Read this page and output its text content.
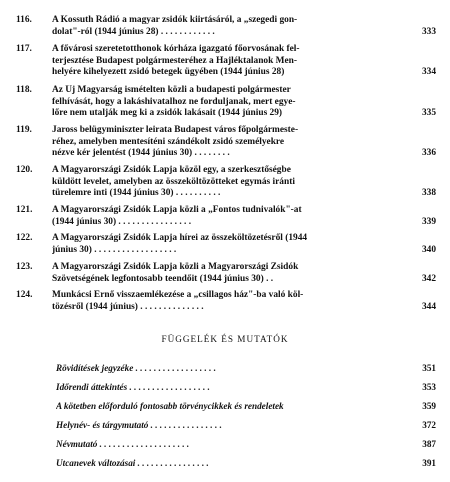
116.	A Kossuth Rádió a magyar zsidók kiirtásáról, a „szegedi gon-
dolat"-ról (1944 június 28) . . . . . . . . . . . .	333
117.	A fővárosi szeretetotthonok kórháza igazgató főorvosának fel-
terjesztése Budapest polgármesteréhez a Hajléktalanok Men-
helyére kihelyezett zsidó betegek ügyében (1944 június 28)	334
118.	Az Új Magyarság ismételten közli a budapesti polgármester
felhívását, hogy a lakáshivatalhoz ne forduljanak, mert egye-
lőre nem utalják meg ki a zsidók lakásait (1944 június 29)	335
119.	Jaross belügyminiszter leirata Budapest város főpolgármeste-
réhez, amelyben mentesíténi szándékolt zsidó személyekre
nézve kér jelentést (1944 június 30) . . . . . . . .	336
120.	A Magyarországi Zsidók Lapja közöl egy, a szerkesztőségbe
küldött levelet, amelyben az összeköltözötteket egymás iránti
türelemre inti (1944 június 30) . . . . . . . . . .	338
121.	A Magyarországi Zsidók Lapja közli a „Fontos tudnivalók"-at
(1944 június 30) . . . . . . . . . . . . . . . .	339
122.	A Magyarországi Zsidók Lapja hírei az összeköltözetésről (1944
június 30) . . . . . . . . . . . . . . . . . .	340
123.	A Magyarországi Zsidók Lapja közli a Magyarországi Zsidók
Szövetségének legfontosabb teendőit (1944 június 30) . .	342
124.	Munkácsi Ernő visszaemlékezése a „csillagos ház"-ba való köl-
tözésről (1944 június) . . . . . . . . . . . . . .	344
FÜGGELÉK ÉS MUTATÓK
Rövidítések jegyzéke . . . . . . . . . . . . . . . . . .	351
Időrendi áttekintés . . . . . . . . . . . . . . . . . .	353
A kötetben előforduló fontosabb törvénycikkek és rendeletek	359
Helynév- és tárgymutató . . . . . . . . . . . . . . . .	372
Névmutató . . . . . . . . . . . . . . . . . . . .	387
Utcanevek változásai . . . . . . . . . . . . . . . .	391
